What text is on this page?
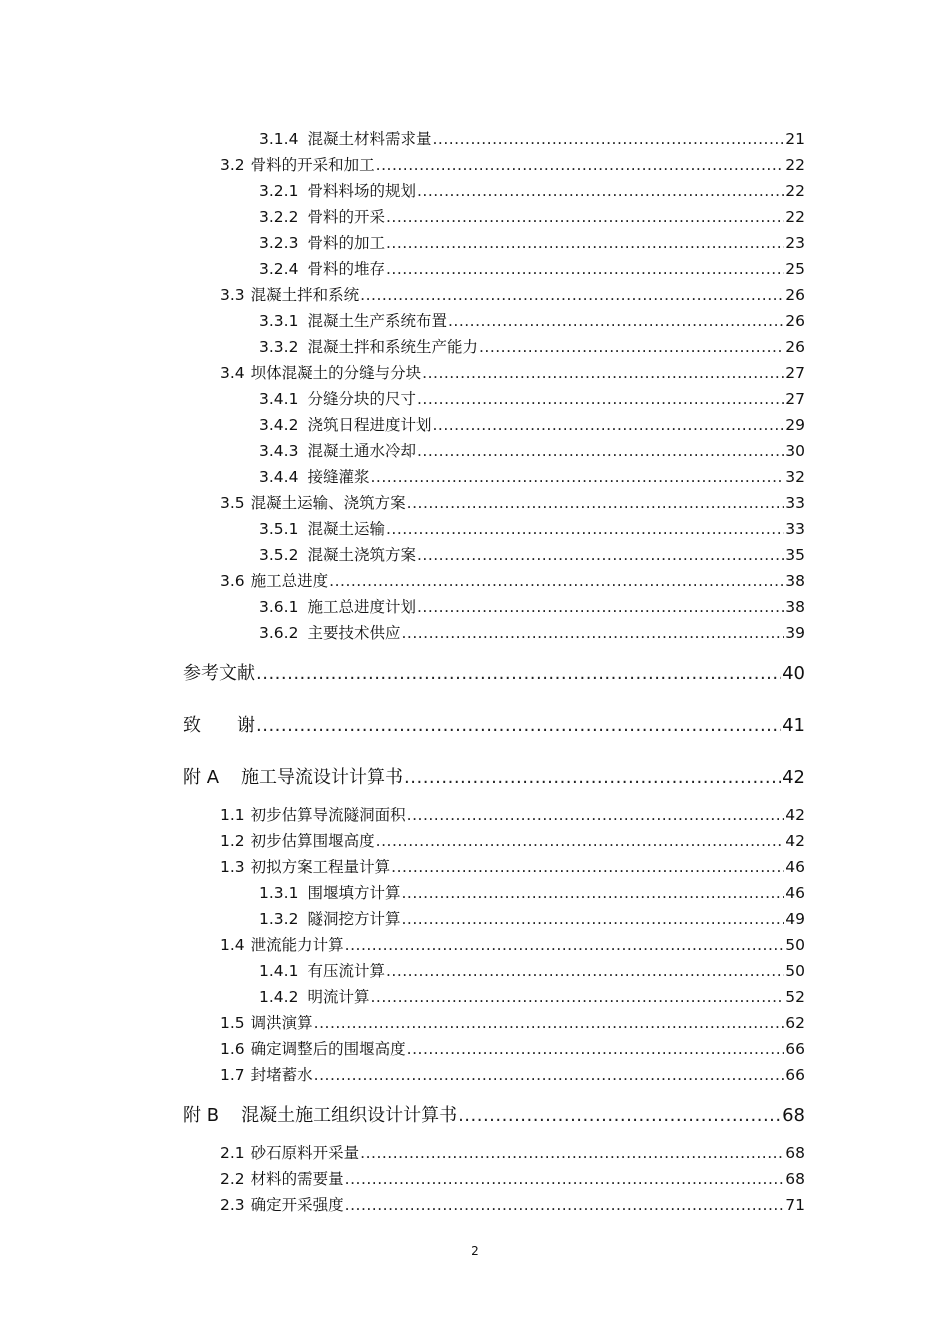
3.1.4 混凝土材料需求量 .....	21
3.2 骨料的开采和加工 .....	22
3.2.1 骨料料场的规划 .....	22
3.2.2 骨料的开采 .....	22
3.2.3 骨料的加工 .....	23
3.2.4 骨料的堆存 .....	25
3.3 混凝土拌和系统 .....	26
3.3.1 混凝土生产系统布置 .....	26
3.3.2 混凝土拌和系统生产能力 .....	26
3.4 坝体混凝土的分缝与分块 .....	27
3.4.1 分缝分块的尺寸 .....	27
3.4.2 浇筑日程进度计划 .....	29
3.4.3 混凝土通水冷却 .....	30
3.4.4 接缝灌浆 .....	32
3.5 混凝土运输、浇筑方案 .....	33
3.5.1 混凝土运输 .....	33
3.5.2 混凝土浇筑方案 .....	35
3.6 施工总进度 .....	38
3.6.1 施工总进度计划 .....	38
3.6.2 主要技术供应 .....	39
参考文献 .....	40
致　　谢 .....	41
附 A 施工导流设计计算书 .....	42
1.1 初步估算导流隧洞面积 .....	42
1.2 初步估算围堰高度 .....	42
1.3 初拟方案工程量计算 .....	46
1.3.1 围堰填方计算 .....	46
1.3.2 隧洞挖方计算 .....	49
1.4 泄流能力计算 .....	50
1.4.1 有压流计算 .....	50
1.4.2 明流计算 .....	52
1.5 调洪演算 .....	62
1.6 确定调整后的围堰高度 .....	66
1.7 封堵蓄水 .....	66
附 B 混凝土施工组织设计计算书 .....	68
2.1 砂石原料开采量 .....	68
2.2 材料的需要量 .....	68
2.3 确定开采强度 .....	71
2
